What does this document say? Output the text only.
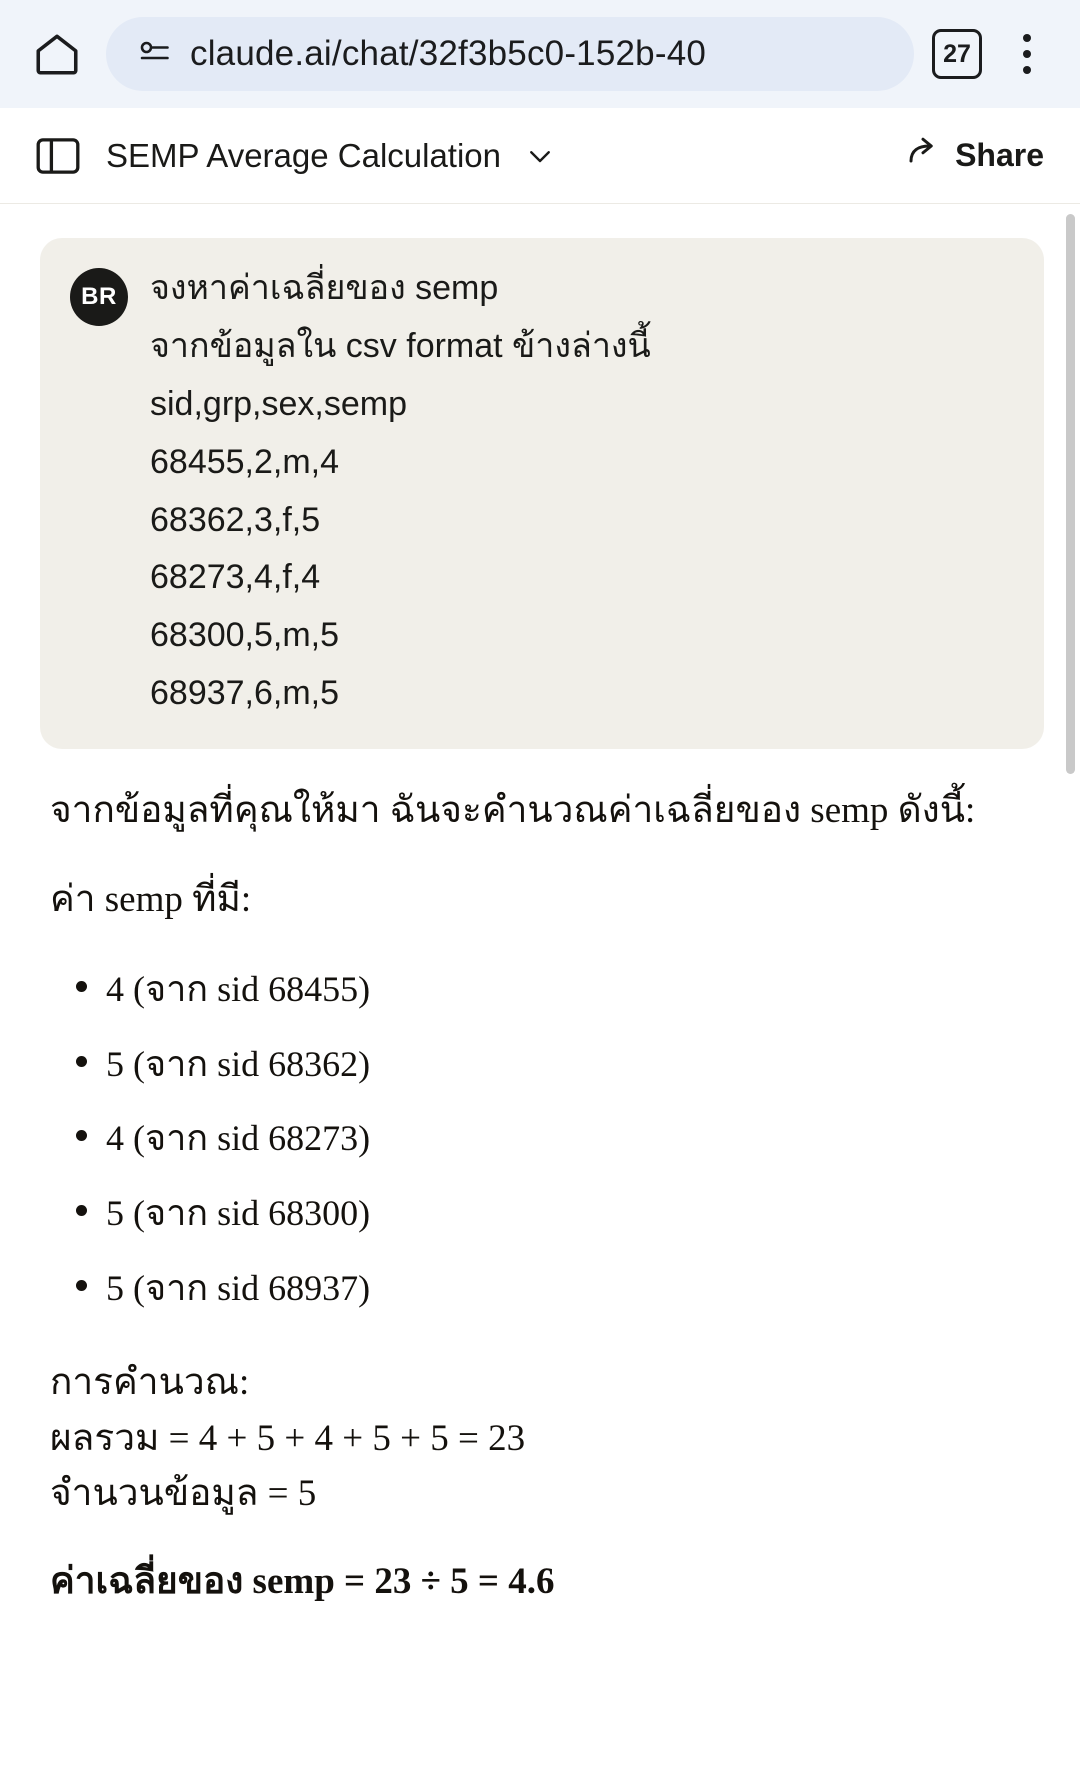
claude.ai/chat/32f3b5c0-152b-40	27
SEMP Average Calculation	Share
BR จงหาค่าเฉลี่ยของ semp
จากข้อมูลใน csv format ข้างล่างนี้
sid,grp,sex,semp
68455,2,m,4
68362,3,f,5
68273,4,f,4
68300,5,m,5
68937,6,m,5
จากข้อมูลที่คุณให้มา ฉันจะคำนวณค่าเฉลี่ยของ semp ดังนี้:
ค่า semp ที่มี:
4 (จาก sid 68455)
5 (จาก sid 68362)
4 (จาก sid 68273)
5 (จาก sid 68300)
5 (จาก sid 68937)
การคำนวณ:
ผลรวม = 4 + 5 + 4 + 5 + 5 = 23
จำนวนข้อมูล = 5
ค่าเฉลี่ยของ semp = 23 ÷ 5 = 4.6
